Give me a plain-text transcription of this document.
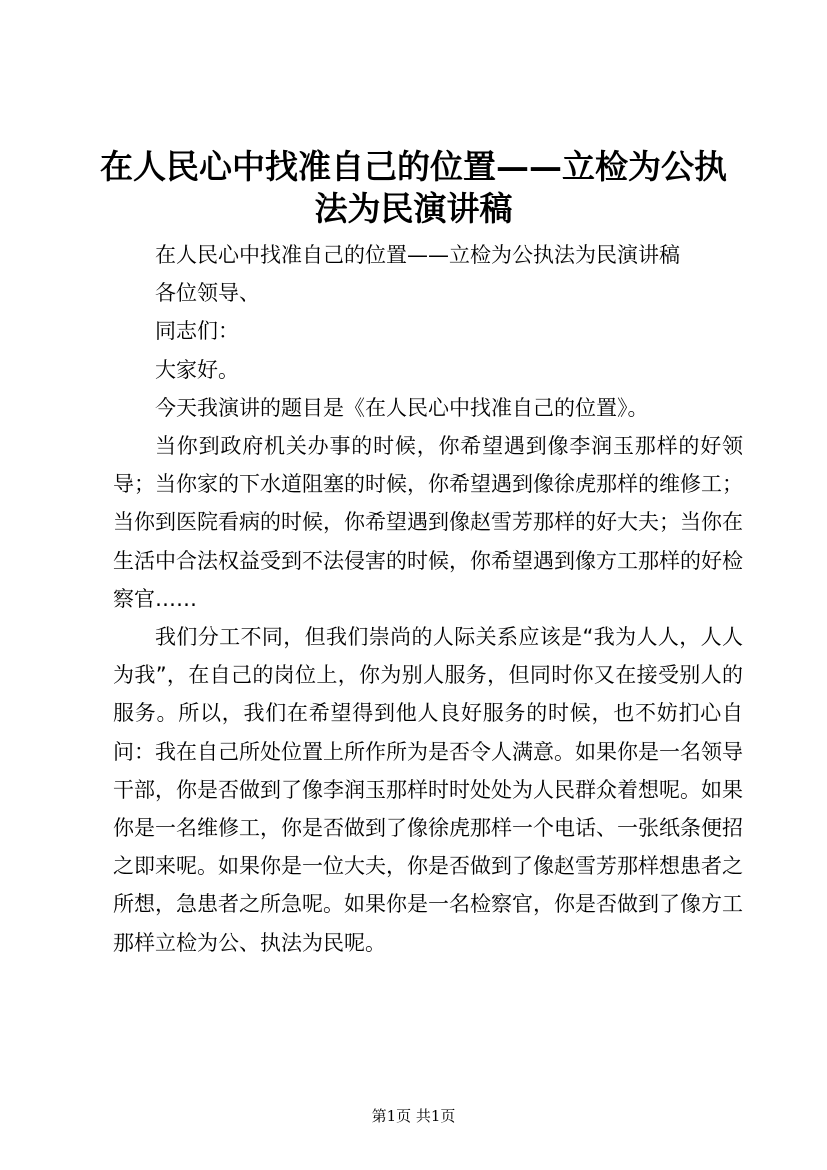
在人民心中找准自己的位置——立检为公执法为民演讲稿

在人民心中找准自己的位置——立检为公执法为民演讲稿

各位领导、

同志们：

大家好。

今天我演讲的题目是《在人民心中找准自己的位置》。

当你到政府机关办事的时候，你希望遇到像李润玉那样的好领导；当你家的下水道阻塞的时候，你希望遇到像徐虎那样的维修工；当你到医院看病的时候，你希望遇到像赵雪芳那样的好大夫；当你在生活中合法权益受到不法侵害的时候，你希望遇到像方工那样的好检察官……

我们分工不同，但我们崇尚的人际关系应该是“我为人人，人人为我”，在自己的岗位上，你为别人服务，但同时你又在接受别人的服务。所以，我们在希望得到他人良好服务的时候，也不妨扪心自问：我在自己所处位置上所作所为是否令人满意。如果你是一名领导干部，你是否做到了像李润玉那样时时处处为人民群众着想呢。如果你是一名维修工，你是否做到了像徐虎那样一个电话、一张纸条便招之即来呢。如果你是一位大夫，你是否做到了像赵雪芳那样想患者之所想，急患者之所急呢。如果你是一名检察官，你是否做到了像方工那样立检为公、执法为民呢。

第1页 共1页
